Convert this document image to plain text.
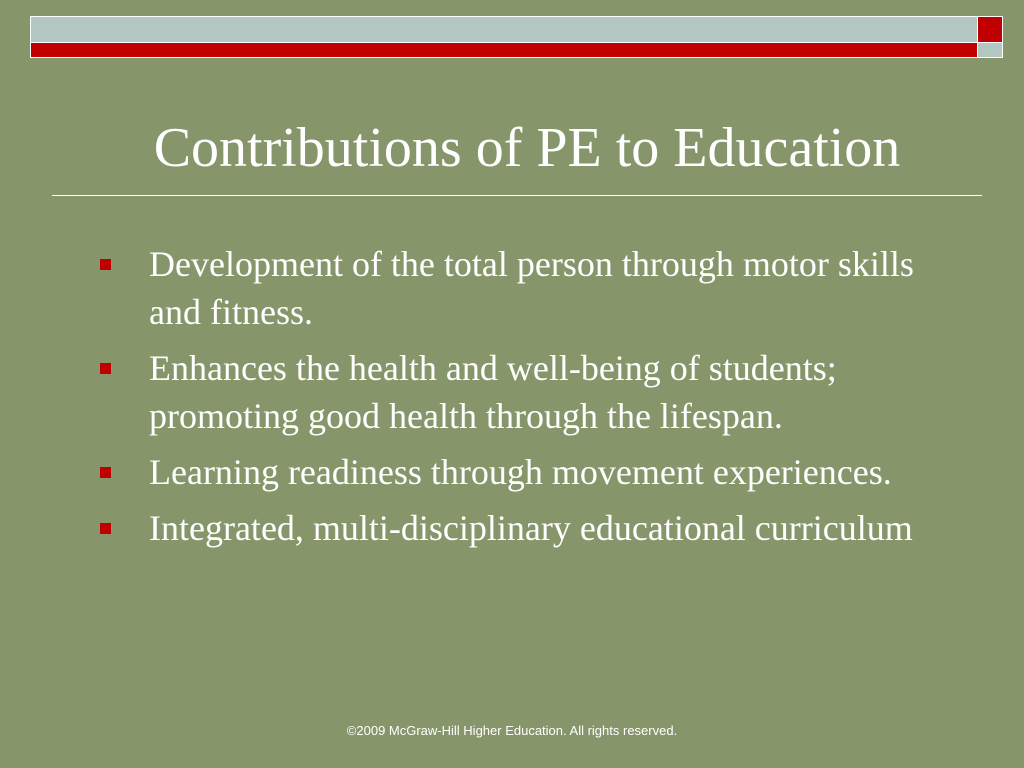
Contributions of PE to Education
Development of the total person through motor skills and fitness.
Enhances the health and well-being of students; promoting good health through the lifespan.
Learning readiness through movement experiences.
Integrated, multi-disciplinary educational curriculum
©2009 McGraw-Hill Higher Education. All rights reserved.
